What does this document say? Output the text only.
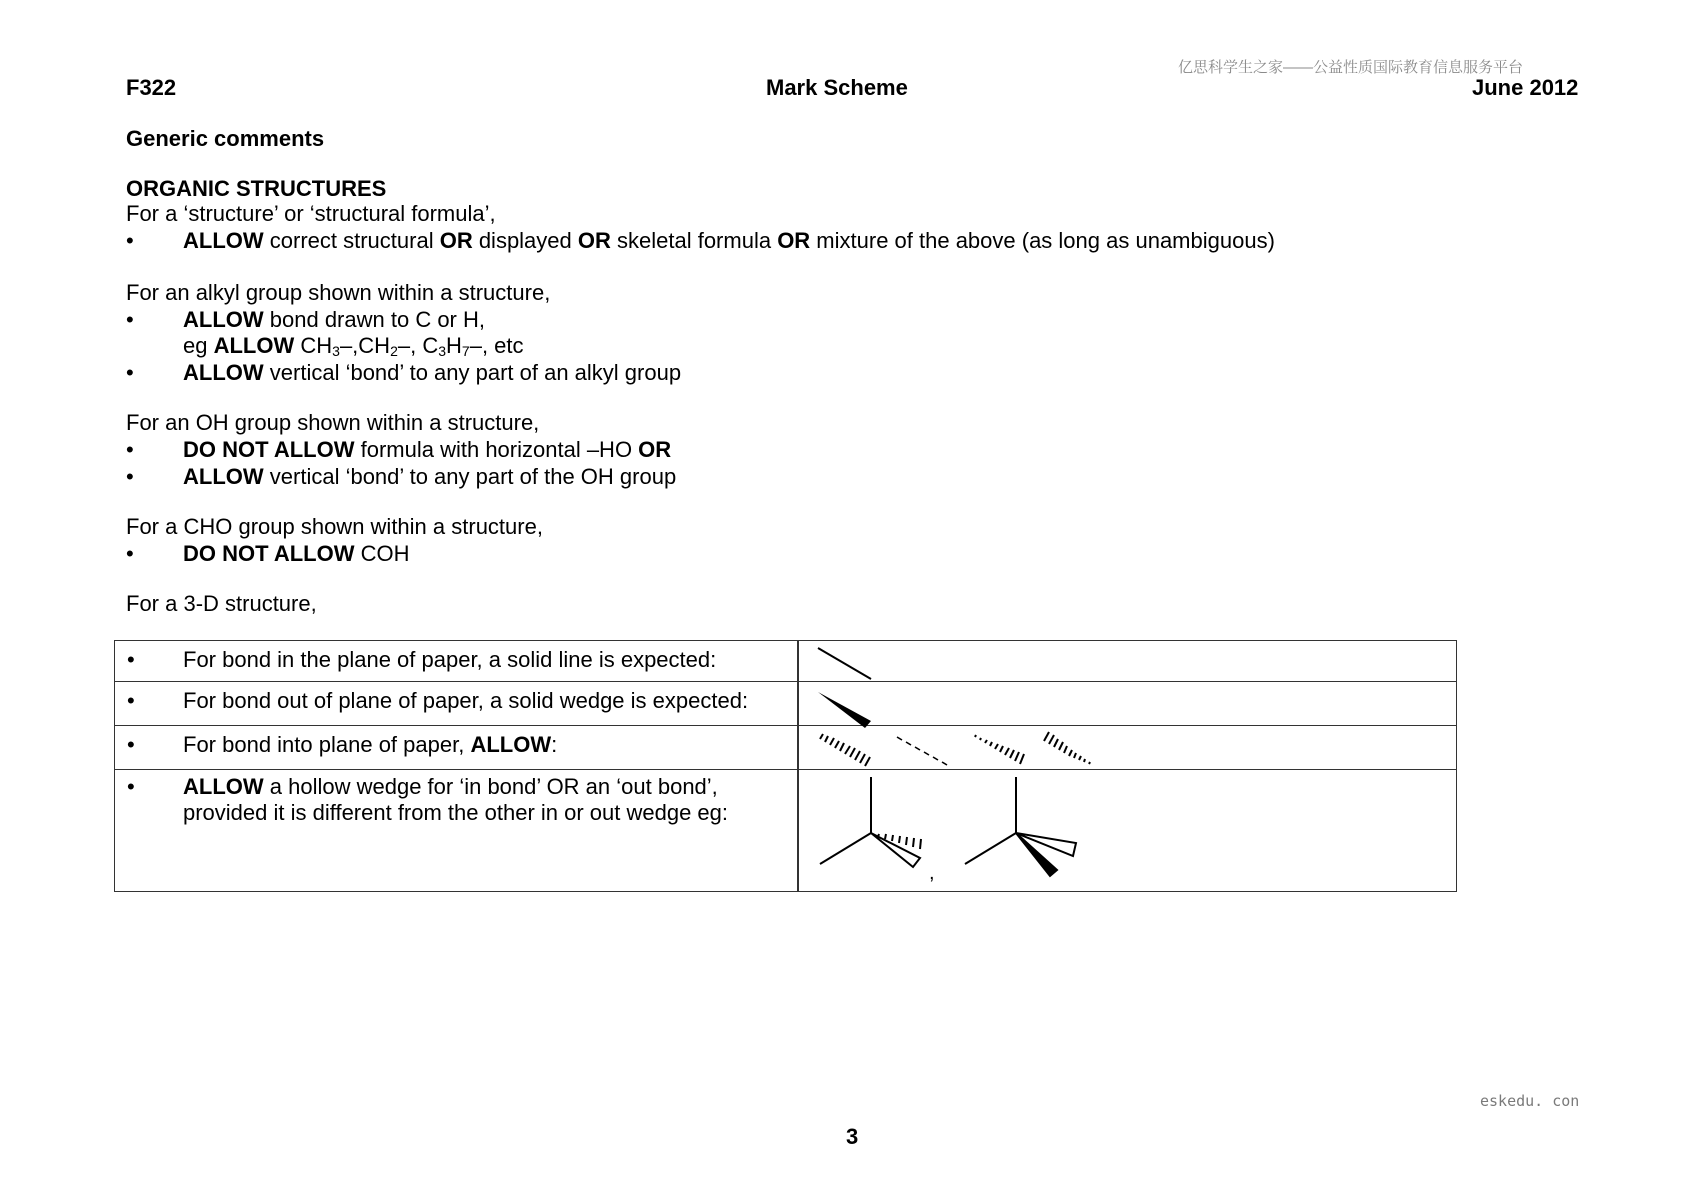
亿思科学生之家——公益性质国际教育信息服务平台
F322	Mark Scheme	June 2012
Generic comments
ORGANIC STRUCTURES
For a ‘structure’ or ‘structural formula’,
• ALLOW correct structural OR displayed OR skeletal formula OR mixture of the above (as long as unambiguous)
For an alkyl group shown within a structure,
• ALLOW bond drawn to C or H,
eg ALLOW $CH_3-,CH_2-$, $C_3H_7-$, etc
• ALLOW vertical ‘bond’ to any part of an alkyl group
For an OH group shown within a structure,
• DO NOT ALLOW formula with horizontal –HO OR
• ALLOW vertical ‘bond’ to any part of the OH group
For a CHO group shown within a structure,
• DO NOT ALLOW COH
For a 3-D structure,
• For bond in the plane of paper, a solid line is expected:
• For bond out of plane of paper, a solid wedge is expected:
• For bond into plane of paper, ALLOW:
• ALLOW a hollow wedge for ‘in bond’ OR an ‘out bond’,
provided it is different from the other in or out wedge eg:
,
eskedu. con
3
